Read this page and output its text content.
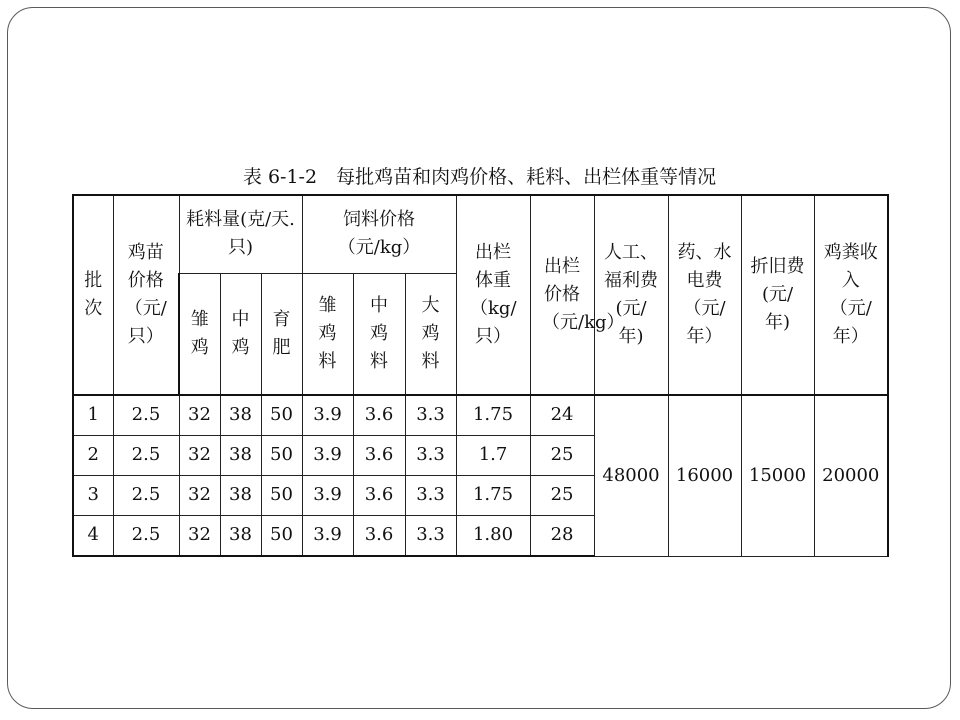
表 6-1-2　每批鸡苗和肉鸡价格、耗料、出栏体重等情况
批次	鸡苗价格（元/只）	耗料量(克/天.只)			饲料价格（元/kg）			出栏体重（kg/只）	出栏价格（元/kg）	人工、福利费(元/年)	药、水电费（元/年）	折旧费(元/年)	鸡粪收入（元/年）
		雏鸡	中鸡	育肥	雏鸡料	中鸡料	大鸡料						
1	2.5	32	38	50	3.9	3.6	3.3	1.75	24	48000	16000	15000	20000
2	2.5	32	38	50	3.9	3.6	3.3	1.7	25				
3	2.5	32	38	50	3.9	3.6	3.3	1.75	25				
4	2.5	32	38	50	3.9	3.6	3.3	1.80	28				
